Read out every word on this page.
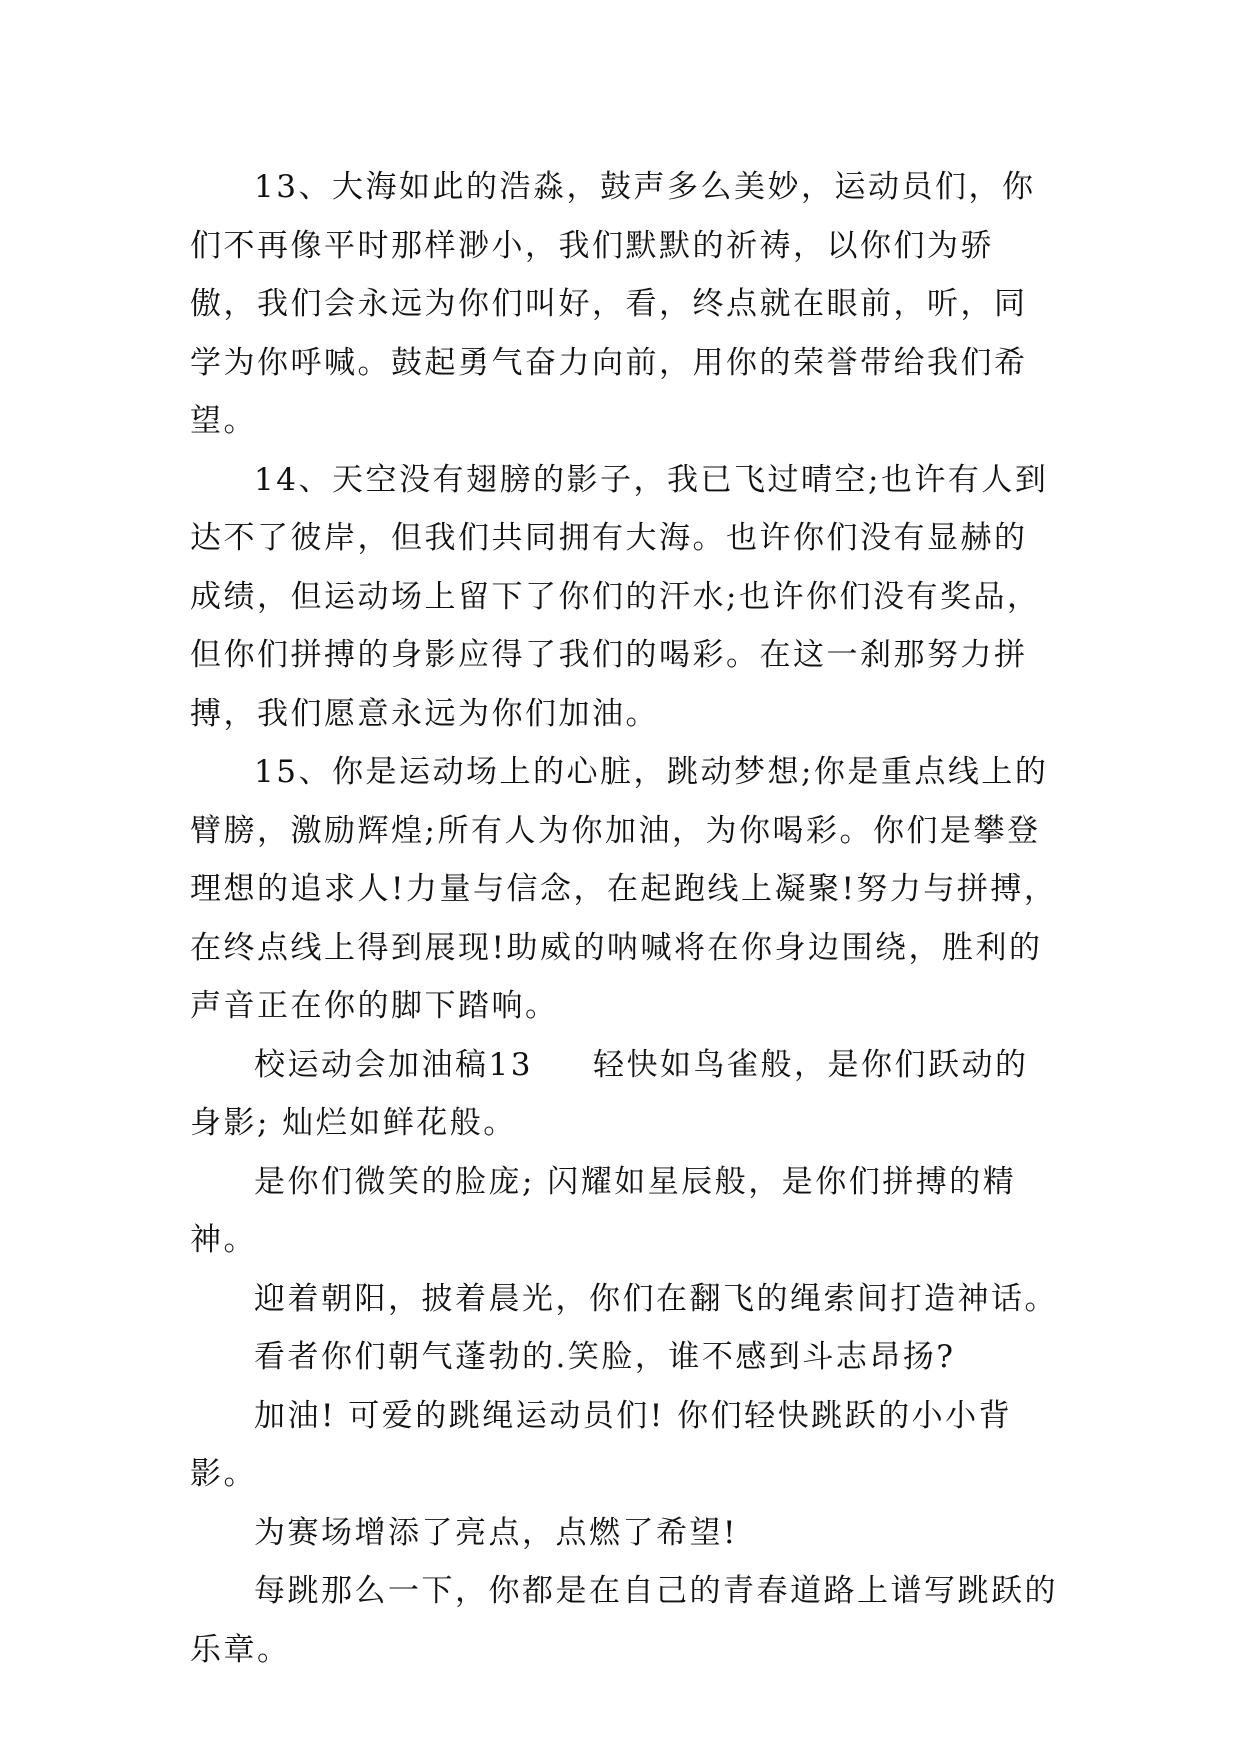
13、大海如此的浩淼，鼓声多么美妙，运动员们，你们不再像平时那样渺小，我们默默的祈祷，以你们为骄傲，我们会永远为你们叫好，看，终点就在眼前，听，同学为你呼喊。鼓起勇气奋力向前，用你的荣誉带给我们希望。

14、天空没有翅膀的影子，我已飞过晴空;也许有人到达不了彼岸，但我们共同拥有大海。也许你们没有显赫的成绩，但运动场上留下了你们的汗水;也许你们没有奖品，但你们拼搏的身影应得了我们的喝彩。在这一刹那努力拼搏，我们愿意永远为你们加油。

15、你是运动场上的心脏，跳动梦想;你是重点线上的臂膀，激励辉煌;所有人为你加油，为你喝彩。你们是攀登理想的追求人!力量与信念，在起跑线上凝聚!努力与拼搏，在终点线上得到展现!助威的呐喊将在你身边围绕，胜利的声音正在你的脚下踏响。

校运动会加油稿13 轻快如鸟雀般，是你们跃动的身影; 灿烂如鲜花般。

是你们微笑的脸庞; 闪耀如星辰般，是你们拼搏的精神。

迎着朝阳，披着晨光，你们在翻飞的绳索间打造神话。

看者你们朝气蓬勃的.笑脸，谁不感到斗志昂扬?

加油! 可爱的跳绳运动员们! 你们轻快跳跃的小小背影。

为赛场增添了亮点，点燃了希望!

每跳那么一下，你都是在自己的青春道路上谱写跳跃的乐章。
